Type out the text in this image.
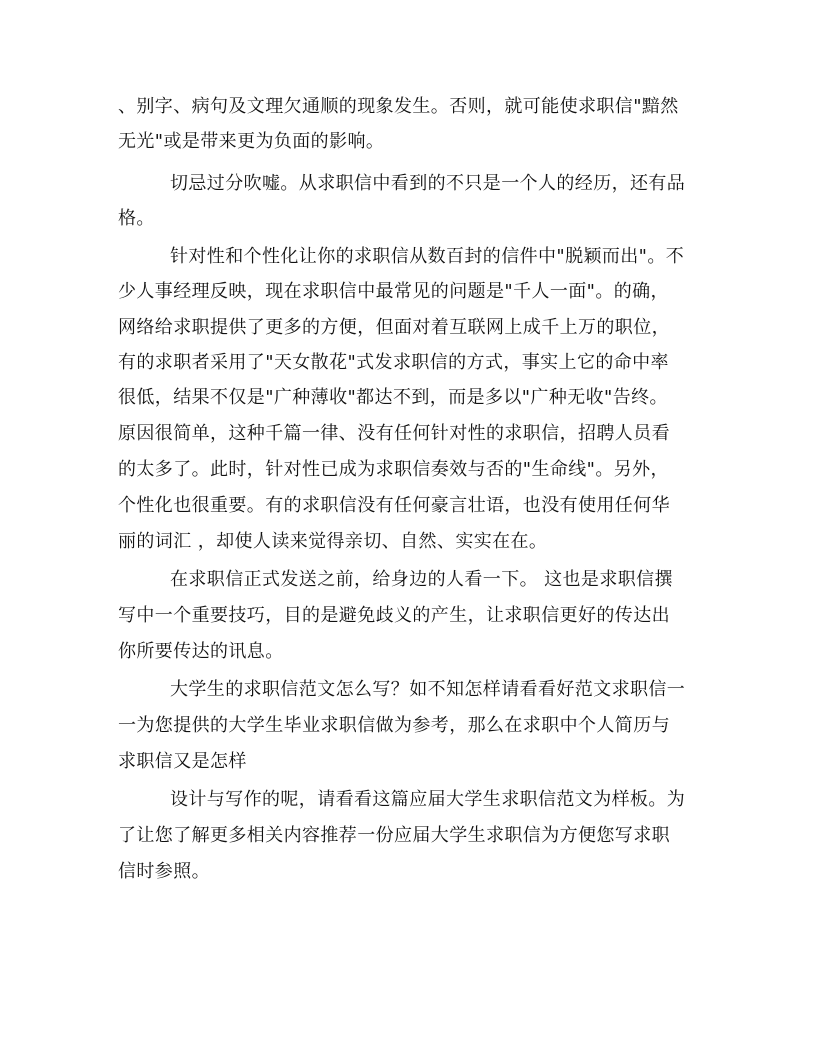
、别字、病句及文理欠通顺的现象发生。否则，就可能使求职信"黯然

无光"或是带来更为负面的影响。

切忌过分吹嘘。从求职信中看到的不只是一个人的经历，还有品

格。

针对性和个性化让你的求职信从数百封的信件中"脱颖而出"。不

少人事经理反映，现在求职信中最常见的问题是"千人一面"。的确，

网络给求职提供了更多的方便，但面对着互联网上成千上万的职位，

有的求职者采用了"天女散花"式发求职信的方式，事实上它的命中率

很低，结果不仅是"广种薄收"都达不到，而是多以"广种无收"告终。

原因很简单，这种千篇一律、没有任何针对性的求职信，招聘人员看

的太多了。此时，针对性已成为求职信奏效与否的"生命线"。另外，

个性化也很重要。有的求职信没有任何豪言壮语，也没有使用任何华

丽的词汇 ，却使人读来觉得亲切、自然、实实在在。

在求职信正式发送之前，给身边的人看一下。 这也是求职信撰

写中一个重要技巧，目的是避免歧义的产生，让求职信更好的传达出

你所要传达的讯息。

大学生的求职信范文怎么写？如不知怎样请看看好范文求职信一

一为您提供的大学生毕业求职信做为参考，那么在求职中个人简历与

求职信又是怎样

设计与写作的呢，请看看这篇应届大学生求职信范文为样板。为

了让您了解更多相关内容推荐一份应届大学生求职信为方便您写求职

信时参照。
